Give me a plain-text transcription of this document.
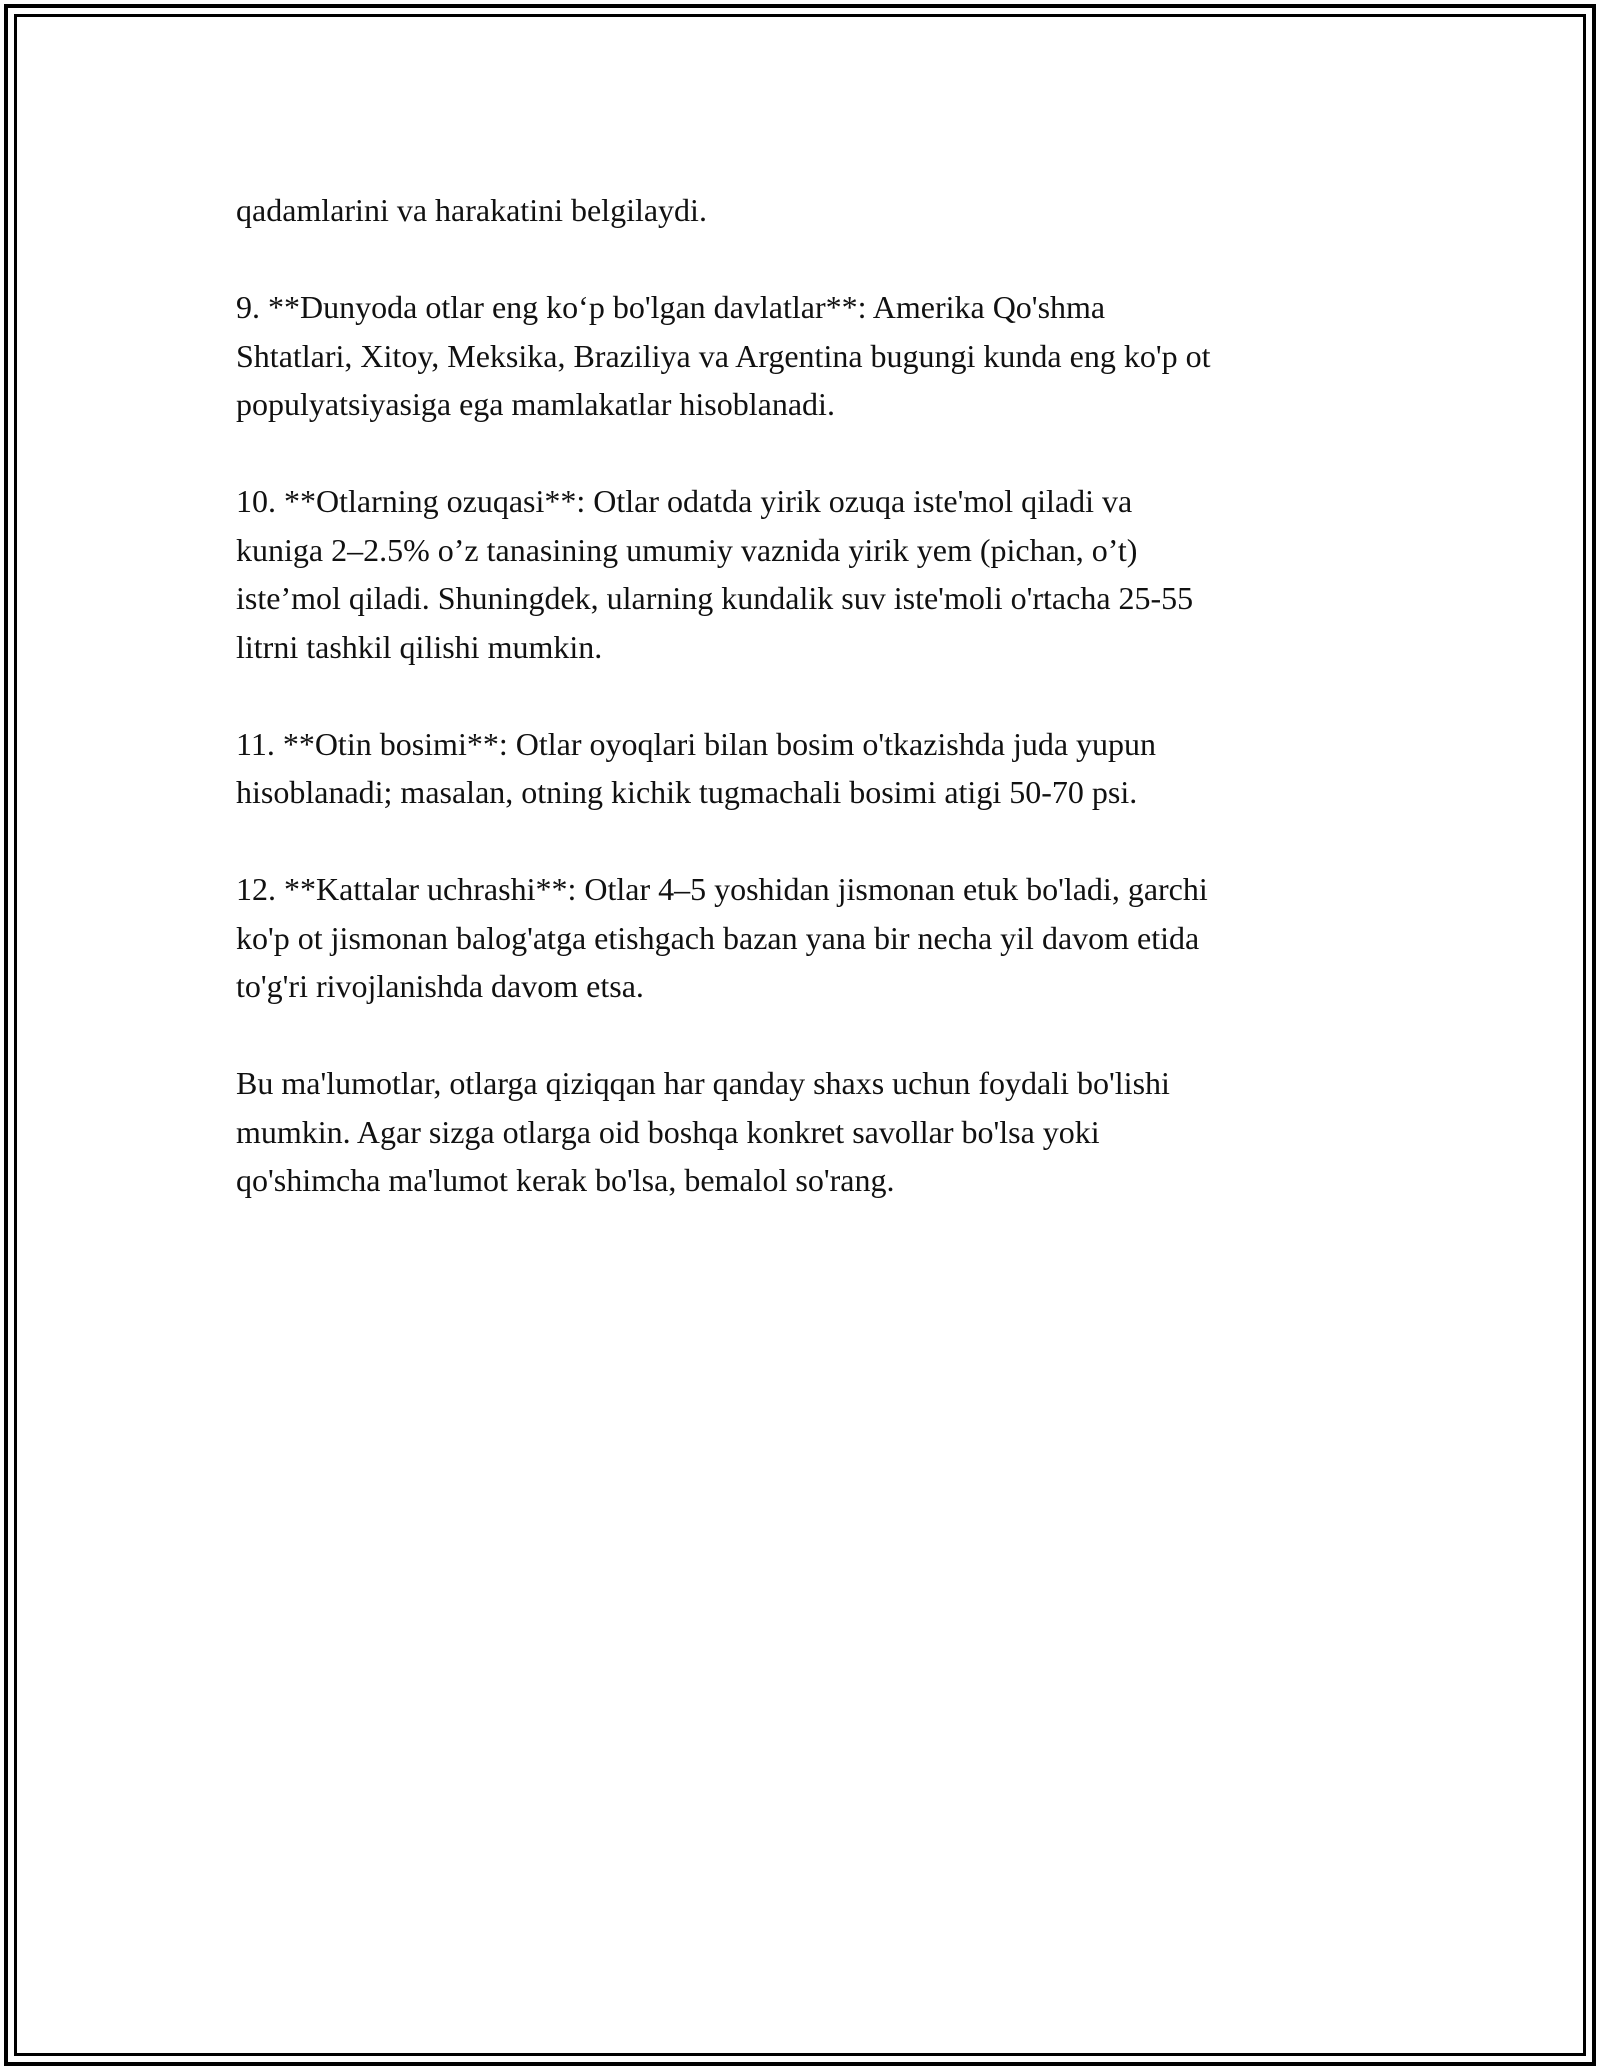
qadamlarini va harakatini belgilaydi.

9. **Dunyoda otlar eng ko‘p bo'lgan davlatlar**: Amerika Qo'shma
Shtatlari, Xitoy, Meksika, Braziliya va Argentina bugungi kunda eng ko'p ot
populyatsiyasiga ega mamlakatlar hisoblanadi.

10. **Otlarning ozuqasi**: Otlar odatda yirik ozuqa iste'mol qiladi va
kuniga 2–2.5% o’z tanasining umumiy vaznida yirik yem (pichan, o’t)
iste’mol qiladi. Shuningdek, ularning kundalik suv iste'moli o'rtacha 25-55
litrni tashkil qilishi mumkin.

11. **Otin bosimi**: Otlar oyoqlari bilan bosim o'tkazishda juda yupun
hisoblanadi; masalan, otning kichik tugmachali bosimi atigi 50-70 psi.

12. **Kattalar uchrashi**: Otlar 4–5 yoshidan jismonan etuk bo'ladi, garchi
ko'p ot jismonan balog'atga etishgach bazan yana bir necha yil davom etida
to'g'ri rivojlanishda davom etsa.

Bu ma'lumotlar, otlarga qiziqqan har qanday shaxs uchun foydali bo'lishi
mumkin. Agar sizga otlarga oid boshqa konkret savollar bo'lsa yoki
qo'shimcha ma'lumot kerak bo'lsa, bemalol so'rang.
